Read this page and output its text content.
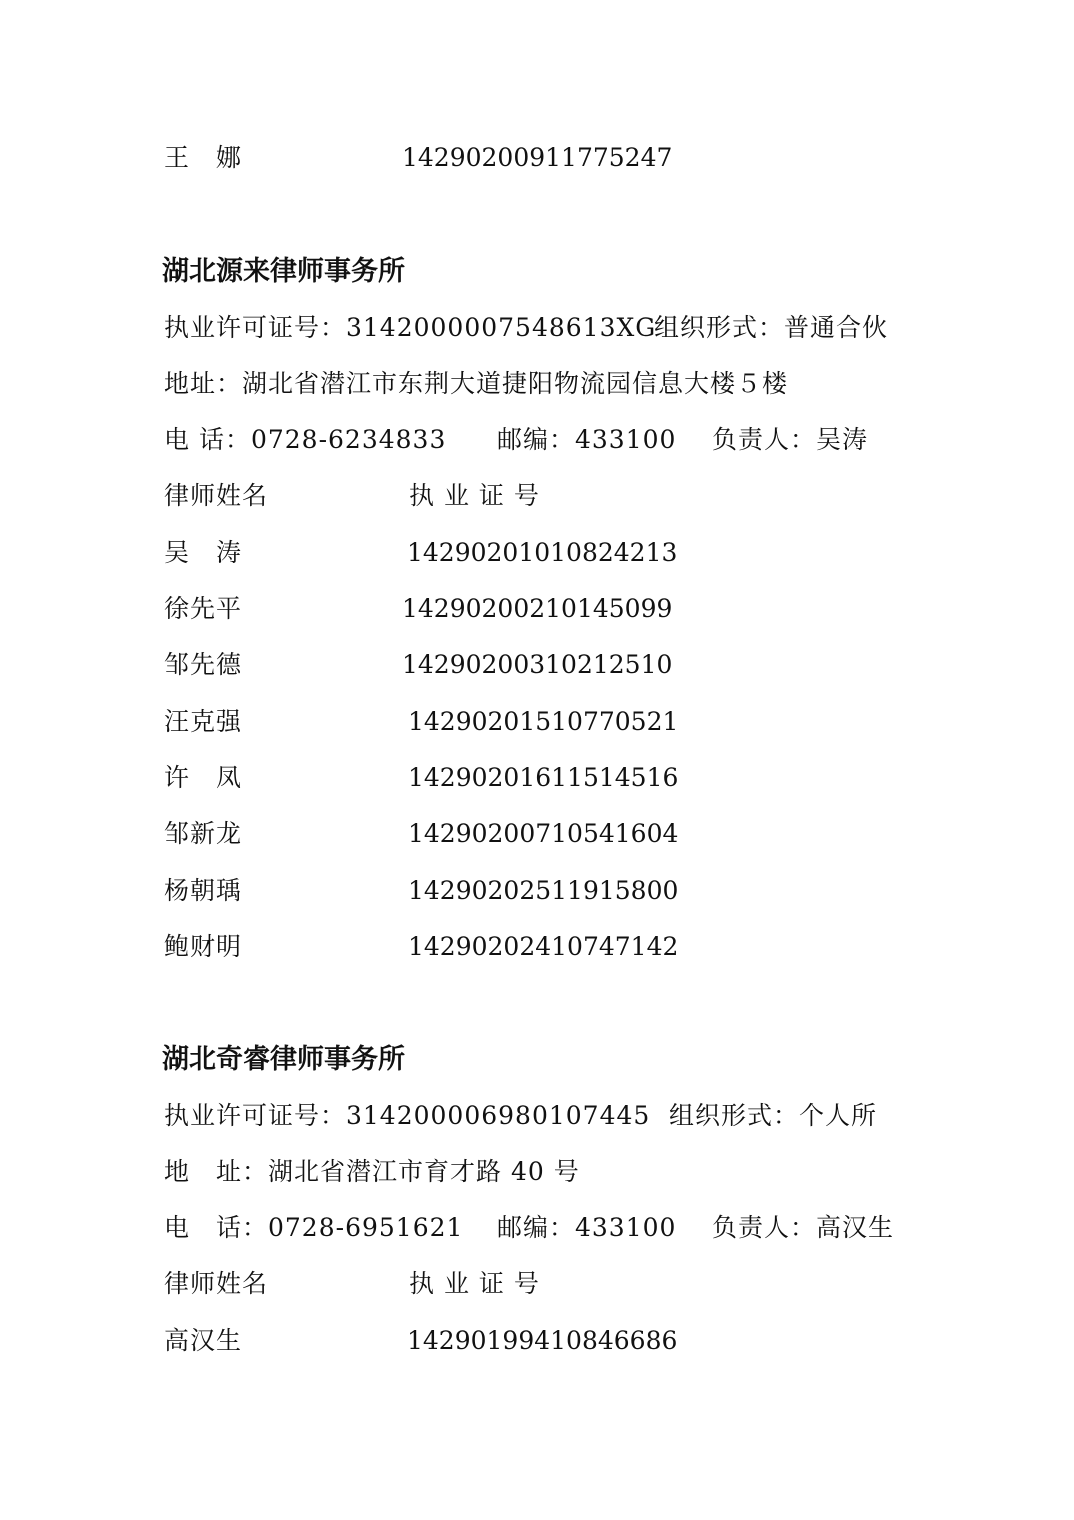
王　娜	14290200911775247
湖北源来律师事务所
执业许可证号：3142000007548613XG
组织形式：普通合伙
地址：湖北省潜江市东荆大道捷阳物流园信息大楼５楼
电 话：0728-6234833 邮编：433100 负责人：吴涛
律师姓名	执 业 证 号
吴　涛	14290201010824213
徐先平	14290200210145099
邹先德	14290200310212510
汪克强	14290201510770521
许　凤	14290201611514516
邹新龙	14290200710541604
杨朝瑀	14290202511915800
鲍财明	14290202410747142
湖北奇睿律师事务所
执业许可证号：314200006980107445 组织形式：个人所
地　址：湖北省潜江市育才路 40 号
电　话：0728-6951621 邮编：433100 负责人：高汉生
律师姓名	执 业 证 号
高汉生	14290199410846686
